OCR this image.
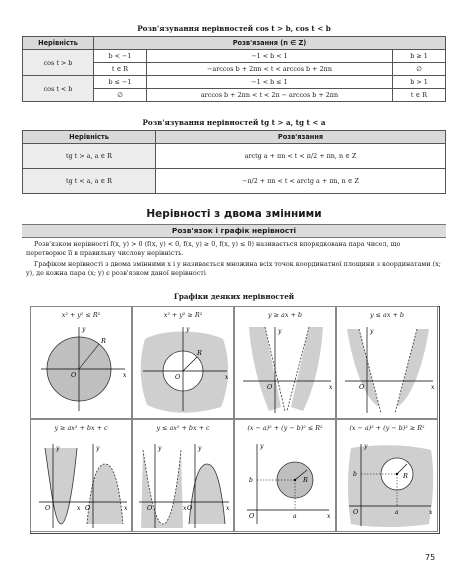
Розв'язування нерівностей cos t > b, cos t < b
Нерівність	Розв'язання (n ∈ Z)		
cos t > b	b < −1	−1 < b < 1	b ≥ 1
	t ∈ R	−arccos b + 2πn < t < arccos b + 2πn	∅
cos t < b	b ≤ −1	−1 < b ≤ 1	b > 1
	∅	arccos b + 2πn < t < 2π − arccos b + 2πn	t ∈ R
Розв'язування нерівностей tg t > a, tg t < a
Нерівність	Розв'язання
tg t > a, a ∈ R	arctg a + πn < t < π/2 + πn, n ∈ Z
tg t < a, a ∈ R	−π/2 + πn < t < arctg a + πn, n ∈ Z
Нерівності з двома змінними
Розв'язок і графік нерівності
Розв'язком нерівності f(x, y) > 0 (f(x, y) < 0, f(x, y) ≥ 0, f(x, y) ≤ 0) називається впорядкована пара чисел, що перетворює її в правильну числову нерівність.
Графіком нерівності з двома змінними x і y називається множина всіх точок координатної площини з координатами (x; y), де кожна пара (x; y) є розв'язком даної нерівності
Графіки деяких нерівностей
x² + y² ≤ R²
R
O	x
y
x² + y² ≥ R²
R
O	x
y
y ≥ ax + b
O	x
y
y ≤ ax + b
O	x
y
y ≥ ax² + bx + c
O	O
x	x
y	y
y ≤ ax² + bx + c
O	O
x	x
y	y
(x − a)² + (y − b)² ≤ R²
R
O
b
a	x
y
(x − a)² + (y − b)² ≥ R²
R
O
b
a	x
y
75
